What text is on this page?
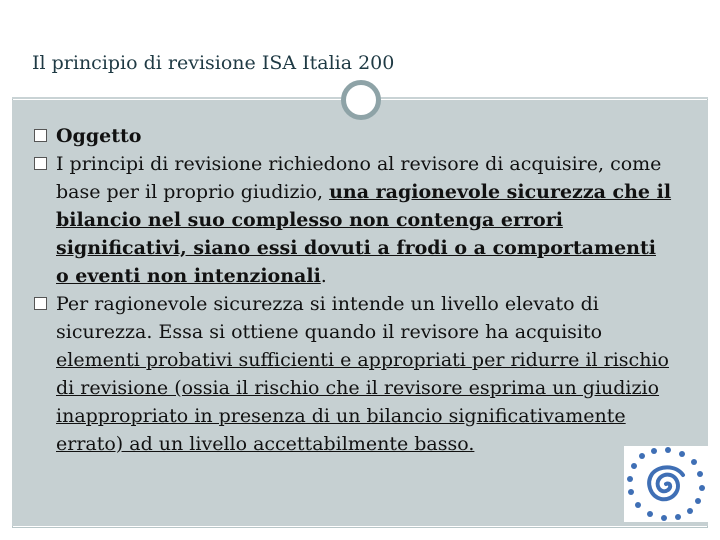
Il principio di revisione ISA Italia 200

Oggetto

I principi di revisione richiedono al revisore di acquisire, come base per il proprio giudizio, una ragionevole sicurezza che il bilancio nel suo complesso non contenga errori significativi, siano essi dovuti a frodi o a comportamenti o eventi non intenzionali.

Per ragionevole sicurezza si intende un livello elevato di sicurezza. Essa si ottiene quando il revisore ha acquisito elementi probativi sufficienti e appropriati per ridurre il rischio di revisione (ossia il rischio che il revisore esprima un giudizio inappropriato in presenza di un bilancio significativamente errato) ad un livello accettabilmente basso.
